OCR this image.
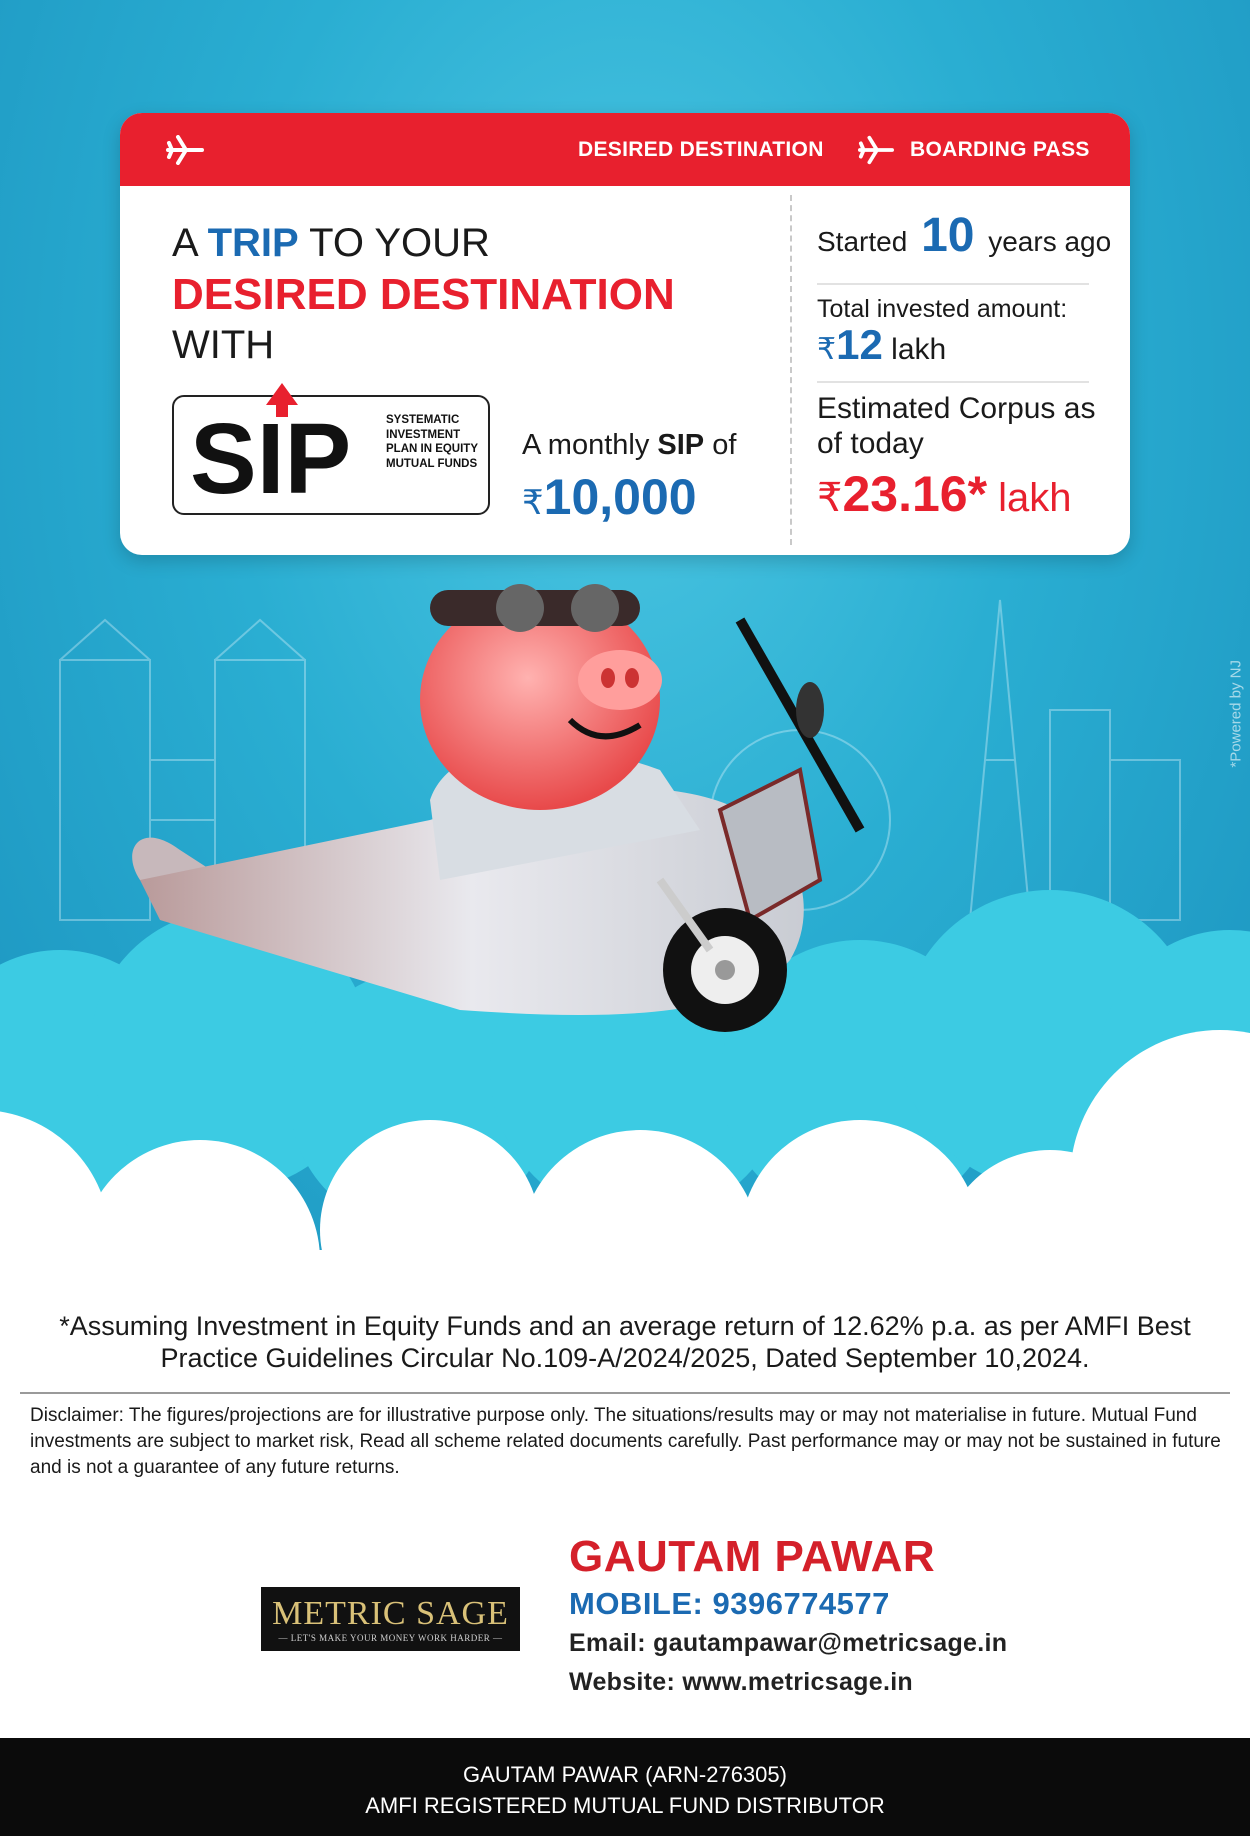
*Powered by NJ
DESIRED DESTINATION	BOARDING PASS
A TRIP TO YOUR
DESIRED DESTINATION
WITH
SIP	SYSTEMATIC INVESTMENT PLAN IN EQUITY MUTUAL FUNDS
A monthly SIP of
₹10,000
Started 10 years ago
Total invested amount:
₹12 lakh
Estimated Corpus as of today
₹23.16* lakh
*Assuming Investment in Equity Funds and an average return of 12.62% p.a. as per AMFI Best Practice Guidelines Circular No.109-A/2024/2025, Dated September 10,2024.
Disclaimer: The figures/projections are for illustrative purpose only. The situations/results may or may not materialise in future. Mutual Fund investments are subject to market risk, Read all scheme related documents carefully. Past performance may or may not be sustained in future and is not a guarantee of any future returns.
METRIC SAGE
— LET'S MAKE YOUR MONEY WORK HARDER —
GAUTAM PAWAR
MOBILE: 9396774577
Email: gautampawar@metricsage.in
Website: www.metricsage.in
GAUTAM PAWAR (ARN-276305)
AMFI REGISTERED MUTUAL FUND DISTRIBUTOR
